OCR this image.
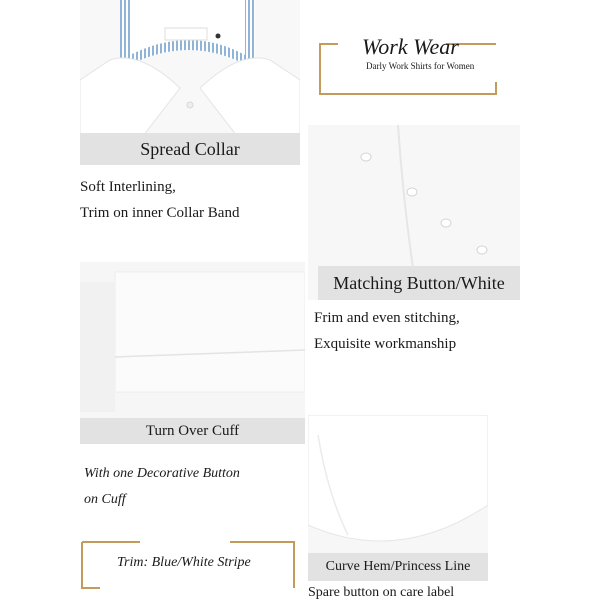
Spread Collar
Soft Interlining,
Trim on inner Collar Band
Work Wear
Darly Work Shirts for Women
Matching Button/White
Frim and even stitching,
Exquisite workmanship
Turn Over Cuff
With one Decorative Button
on Cuff
Trim: Blue/White Stripe	Curve Hem/Princess Line
Spare button on care label
